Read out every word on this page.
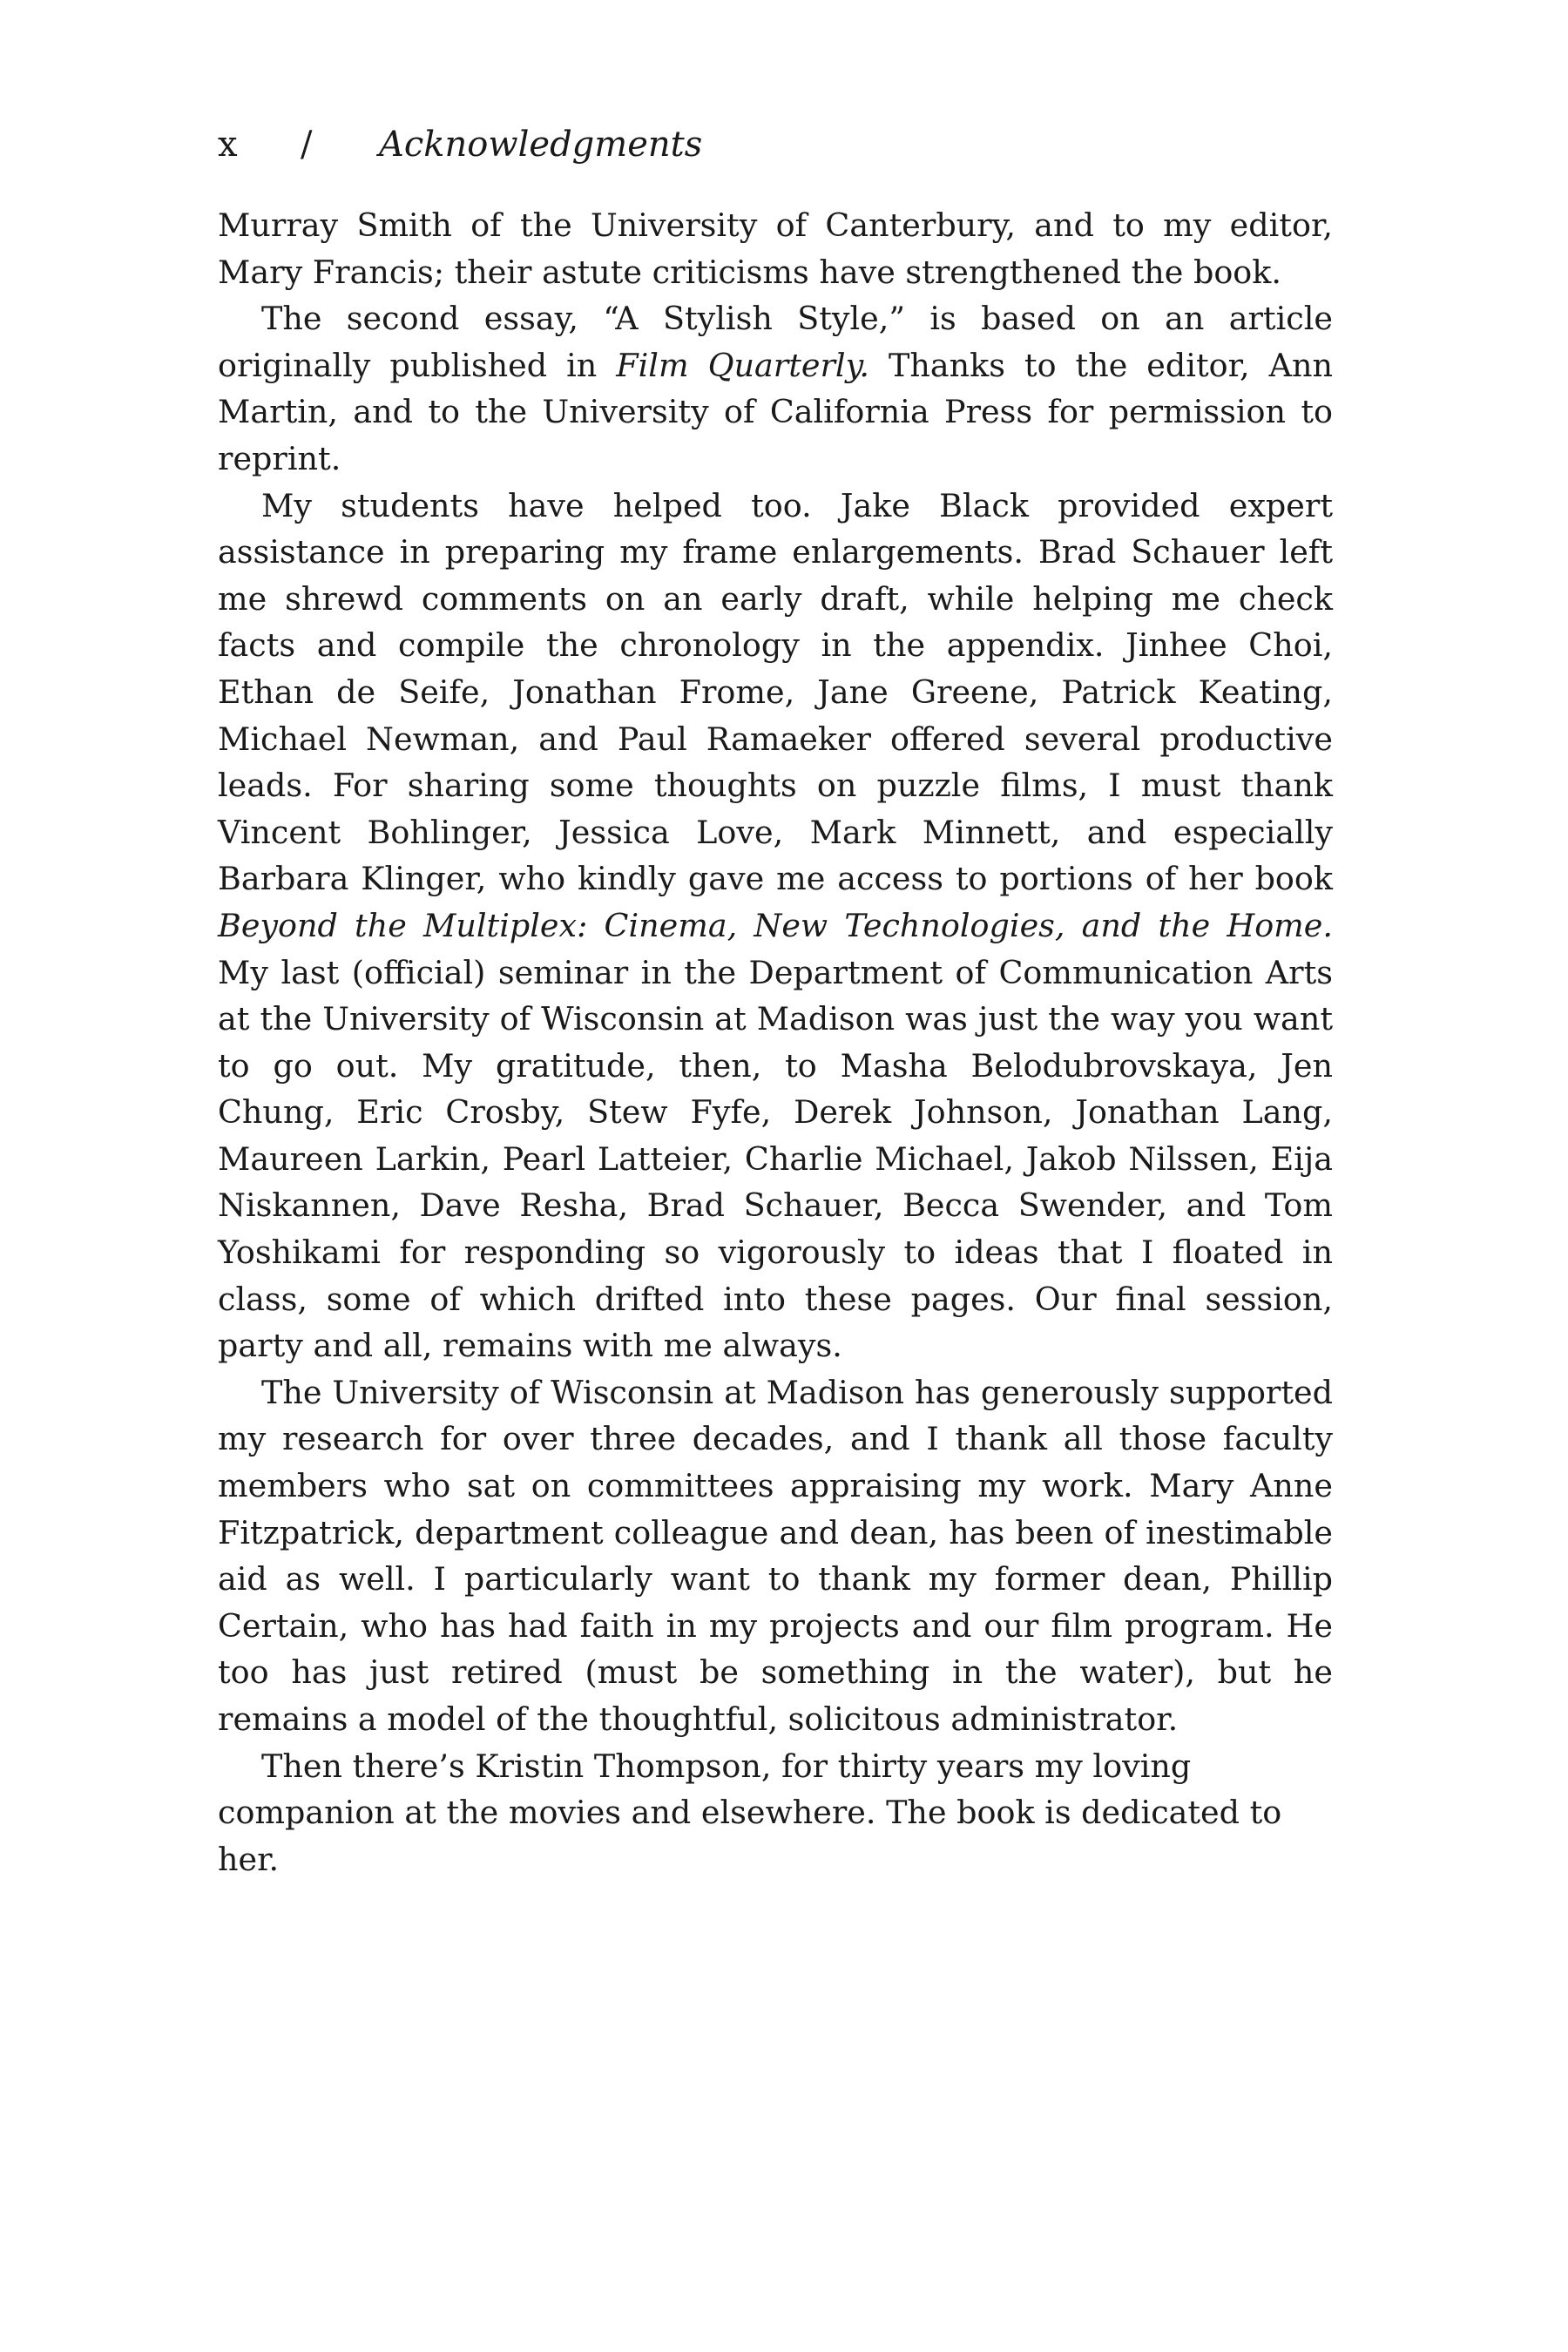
x / Acknowledgments

Murray Smith of the University of Canterbury, and to my editor, Mary Francis; their astute criticisms have strengthened the book.

The second essay, “A Stylish Style,” is based on an article originally published in Film Quarterly. Thanks to the editor, Ann Martin, and to the University of California Press for permission to reprint.

My students have helped too. Jake Black provided expert assistance in preparing my frame enlargements. Brad Schauer left me shrewd comments on an early draft, while helping me check facts and compile the chronology in the appendix. Jinhee Choi, Ethan de Seife, Jonathan Frome, Jane Greene, Patrick Keating, Michael Newman, and Paul Ramaeker offered several productive leads. For sharing some thoughts on puzzle films, I must thank Vincent Bohlinger, Jessica Love, Mark Minnett, and especially Barbara Klinger, who kindly gave me access to portions of her book Beyond the Multiplex: Cinema, New Technologies, and the Home. My last (official) seminar in the Department of Communication Arts at the University of Wisconsin at Madison was just the way you want to go out. My gratitude, then, to Masha Belodubrovskaya, Jen Chung, Eric Crosby, Stew Fyfe, Derek Johnson, Jonathan Lang, Maureen Larkin, Pearl Latteier, Charlie Michael, Jakob Nilssen, Eija Niskannen, Dave Resha, Brad Schauer, Becca Swender, and Tom Yoshikami for responding so vigorously to ideas that I floated in class, some of which drifted into these pages. Our final session, party and all, remains with me always.

The University of Wisconsin at Madison has generously supported my research for over three decades, and I thank all those faculty members who sat on committees appraising my work. Mary Anne Fitzpatrick, department colleague and dean, has been of inestimable aid as well. I particularly want to thank my former dean, Phillip Certain, who has had faith in my projects and our film program. He too has just retired (must be something in the water), but he remains a model of the thoughtful, solicitous administrator.

Then there’s Kristin Thompson, for thirty years my loving companion at the movies and elsewhere. The book is dedicated to her.
